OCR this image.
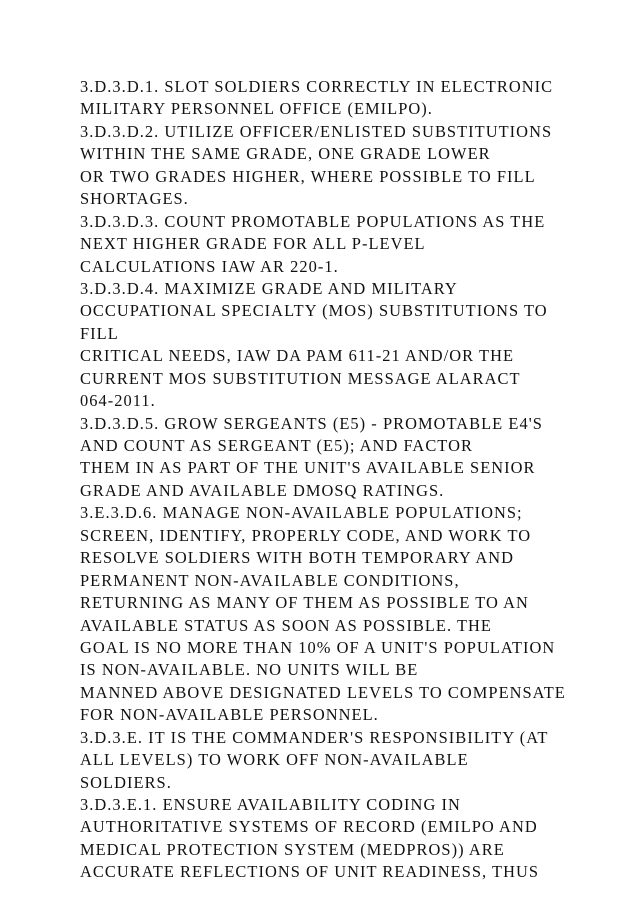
3.D.3.D.1. SLOT SOLDIERS CORRECTLY IN ELECTRONIC
MILITARY PERSONNEL OFFICE (EMILPO).
3.D.3.D.2. UTILIZE OFFICER/ENLISTED SUBSTITUTIONS
WITHIN THE SAME GRADE, ONE GRADE LOWER
OR TWO GRADES HIGHER, WHERE POSSIBLE TO FILL
SHORTAGES.
3.D.3.D.3. COUNT PROMOTABLE POPULATIONS AS THE
NEXT HIGHER GRADE FOR ALL P-LEVEL
CALCULATIONS IAW AR 220-1.
3.D.3.D.4. MAXIMIZE GRADE AND MILITARY
OCCUPATIONAL SPECIALTY (MOS) SUBSTITUTIONS TO
FILL
CRITICAL NEEDS, IAW DA PAM 611-21 AND/OR THE
CURRENT MOS SUBSTITUTION MESSAGE ALARACT
064-2011.
3.D.3.D.5. GROW SERGEANTS (E5) - PROMOTABLE E4'S
AND COUNT AS SERGEANT (E5); AND FACTOR
THEM IN AS PART OF THE UNIT'S AVAILABLE SENIOR
GRADE AND AVAILABLE DMOSQ RATINGS.
3.E.3.D.6. MANAGE NON-AVAILABLE POPULATIONS;
SCREEN, IDENTIFY, PROPERLY CODE, AND WORK TO
RESOLVE SOLDIERS WITH BOTH TEMPORARY AND
PERMANENT NON-AVAILABLE CONDITIONS,
RETURNING AS MANY OF THEM AS POSSIBLE TO AN
AVAILABLE STATUS AS SOON AS POSSIBLE. THE
GOAL IS NO MORE THAN 10% OF A UNIT'S POPULATION
IS NON-AVAILABLE. NO UNITS WILL BE
MANNED ABOVE DESIGNATED LEVELS TO COMPENSATE
FOR NON-AVAILABLE PERSONNEL.
3.D.3.E. IT IS THE COMMANDER'S RESPONSIBILITY (AT
ALL LEVELS) TO WORK OFF NON-AVAILABLE
SOLDIERS.
3.D.3.E.1. ENSURE AVAILABILITY CODING IN
AUTHORITATIVE SYSTEMS OF RECORD (EMILPO AND
MEDICAL PROTECTION SYSTEM (MEDPROS)) ARE
ACCURATE REFLECTIONS OF UNIT READINESS, THUS
